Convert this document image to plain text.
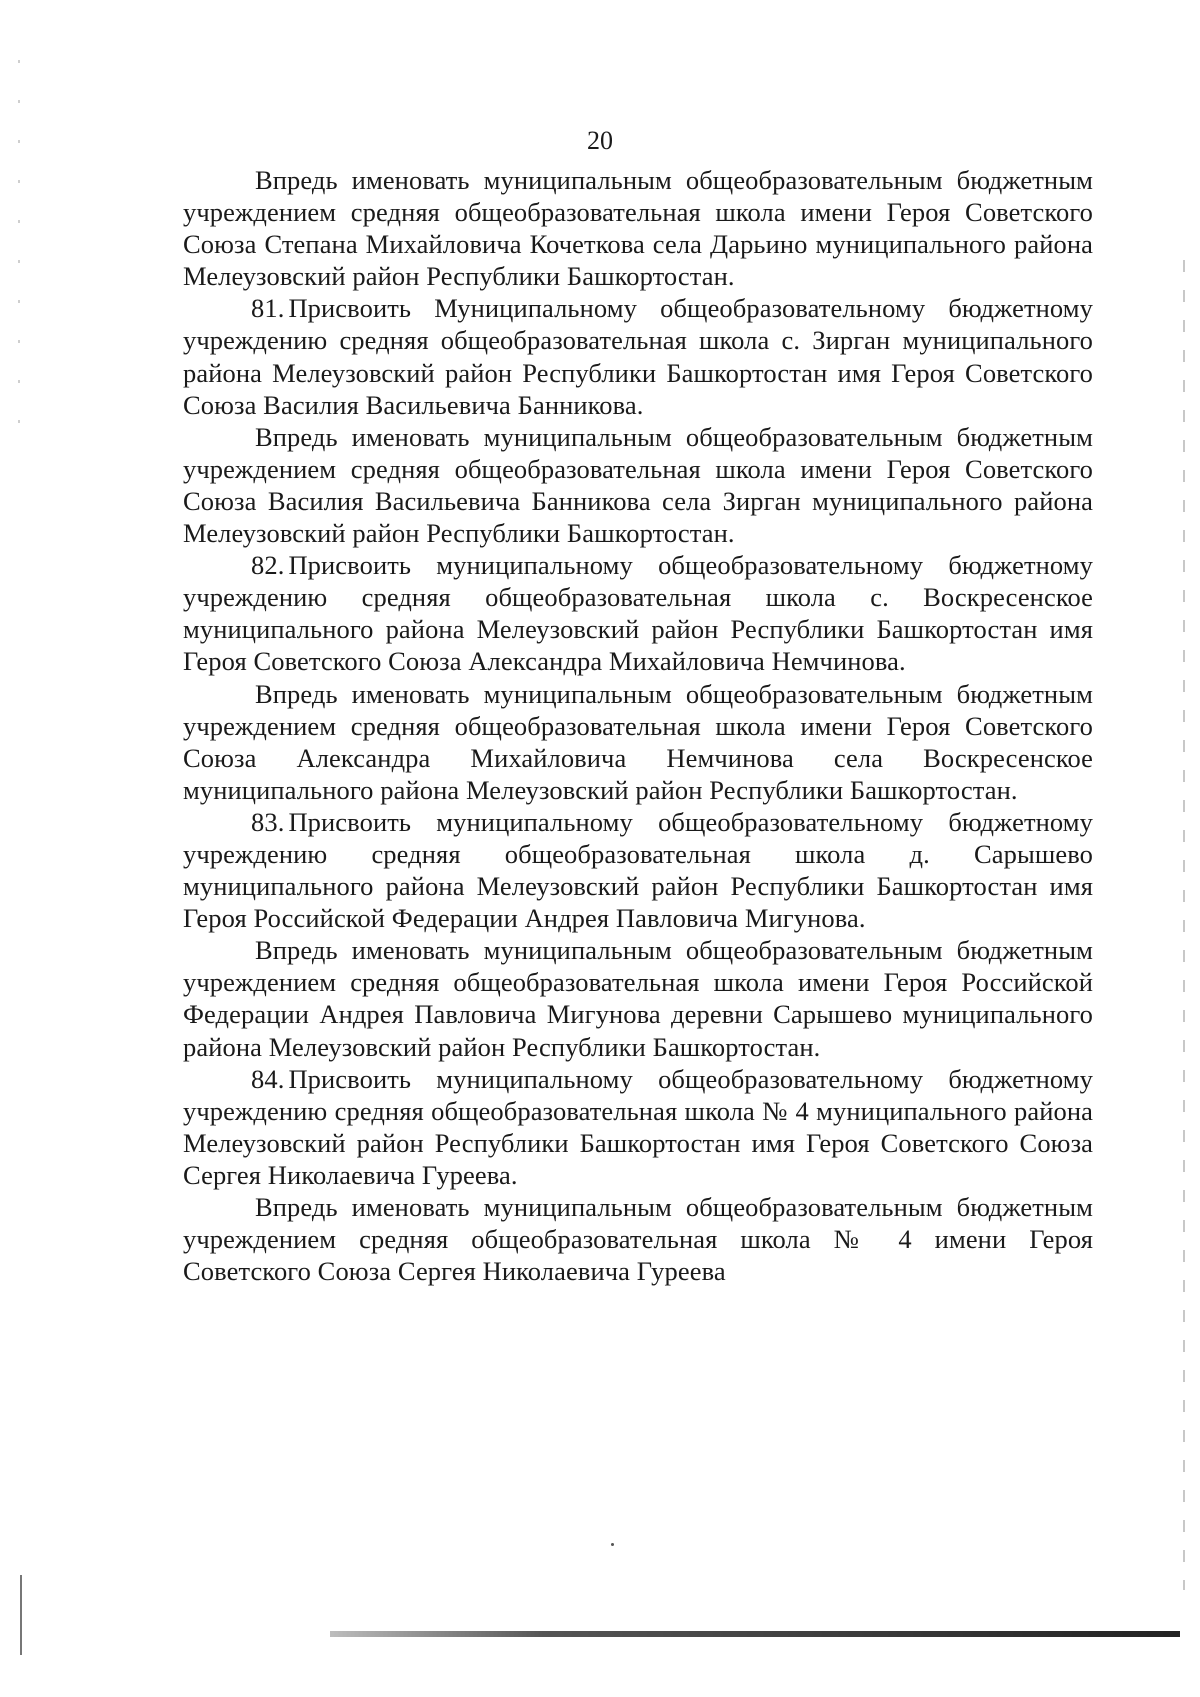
20

Впредь именовать муниципальным общеобразовательным бюджетным учреждением средняя общеобразовательная школа имени Героя Советского Союза Степана Михайловича Кочеткова села Дарьино муниципального района Мелеузовский район Республики Башкортостан.

81. Присвоить Муниципальному общеобразовательному бюджетному учреждению средняя общеобразовательная школа с. Зирган муниципального района Мелеузовский район Республики Башкортостан имя Героя Советского Союза Василия Васильевича Банникова.

Впредь именовать муниципальным общеобразовательным бюджетным учреждением средняя общеобразовательная школа имени Героя Советского Союза Василия Васильевича Банникова села Зирган муниципального района Мелеузовский район Республики Башкортостан.

82. Присвоить муниципальному общеобразовательному бюджетному учреждению средняя общеобразовательная школа с. Воскресенское муниципального района Мелеузовский район Республики Башкортостан имя Героя Советского Союза Александра Михайловича Немчинова.

Впредь именовать муниципальным общеобразовательным бюджетным учреждением средняя общеобразовательная школа имени Героя Советского Союза Александра Михайловича Немчинова села Воскресенское муниципального района Мелеузовский район Республики Башкортостан.

83. Присвоить муниципальному общеобразовательному бюджетному учреждению средняя общеобразовательная школа д. Сарышево муниципального района Мелеузовский район Республики Башкортостан имя Героя Российской Федерации Андрея Павловича Мигунова.

Впредь именовать муниципальным общеобразовательным бюджетным учреждением средняя общеобразовательная школа имени Героя Российской Федерации Андрея Павловича Мигунова деревни Сарышево муниципального района Мелеузовский район Республики Башкортостан.

84. Присвоить муниципальному общеобразовательному бюджетному учреждению средняя общеобразовательная школа № 4 муниципального района Мелеузовский район Республики Башкортостан имя Героя Советского Союза Сергея Николаевича Гуреева.

Впредь именовать муниципальным общеобразовательным бюджетным учреждением средняя общеобразовательная школа № 4 имени Героя Советского Союза Сергея Николаевича Гуреева
